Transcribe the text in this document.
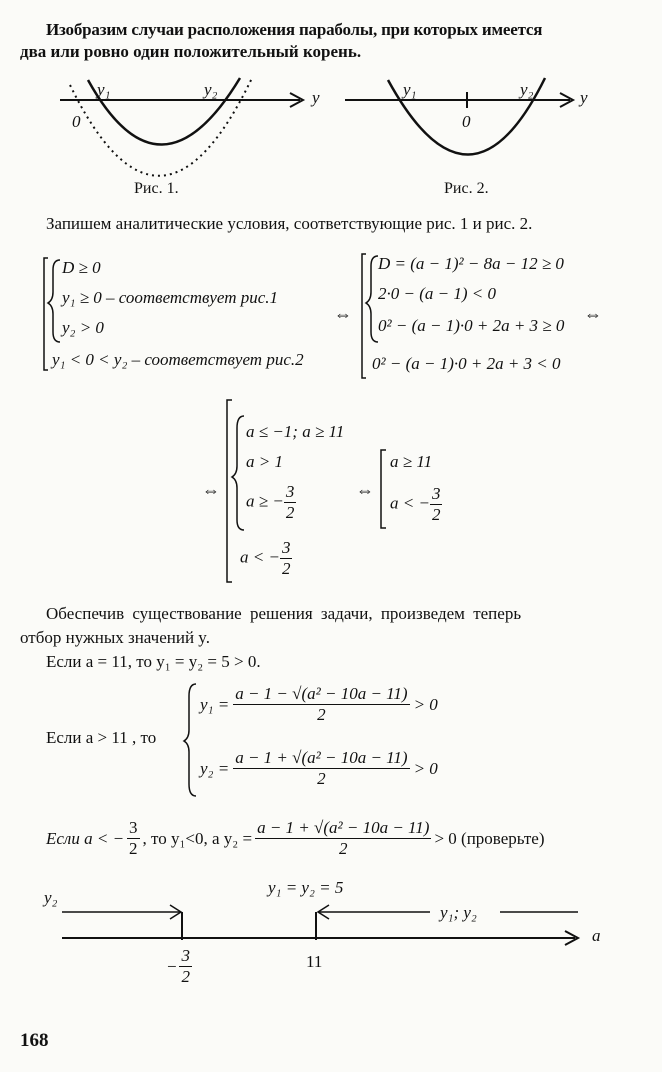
Изобразим случаи расположения параболы, при которых имеется
два или ровно один положительный корень.
y₁	y₂	y
0
Рис. 1.
y₁	y₂	y
0
Рис. 2.
Запишем аналитические условия, соответствующие рис. 1 и рис. 2.
D ≥ 0
y₁ ≥ 0 – соответствует рис.1
y₂ > 0
y₁ < 0 < y₂ – соответствует рис.2
⇔
D = (a − 1)² − 8a − 12 ≥ 0
2·0 − (a − 1) < 0
0² − (a − 1)·0 + 2a + 3 ≥ 0
0² − (a − 1)·0 + 2a + 3 < 0
⇔
⇔
a ≤ −1; a ≥ 11
a > 1
a ≥ − $\frac{3}{2}$
a < − $\frac{3}{2}$
⇔
a ≥ 11
a < − $\frac{3}{2}$
Обеспечив существование решения задачи, произведем теперь
отбор нужных значений y.
Если a = 11, то y₁ = y₂ = 5 > 0.
Если a > 11 , то
$y_1 = \frac{\text{a − 1 − √(a² − 10a − 11)}}{2} > 0$
$y_2 = \frac{\text{a − 1 + √(a² − 10a − 11)}}{2} > 0$
Если a < − $\frac{3}{2}$ , то y₁<0, а $y_2 = \frac{\text{a − 1 + √(a² − 10a − 11)}}{2} > 0$ (проверьте)
y₂
y₁ = y₂ = 5
y₁; y₂
a
− $\frac{3}{2}$	11
168
